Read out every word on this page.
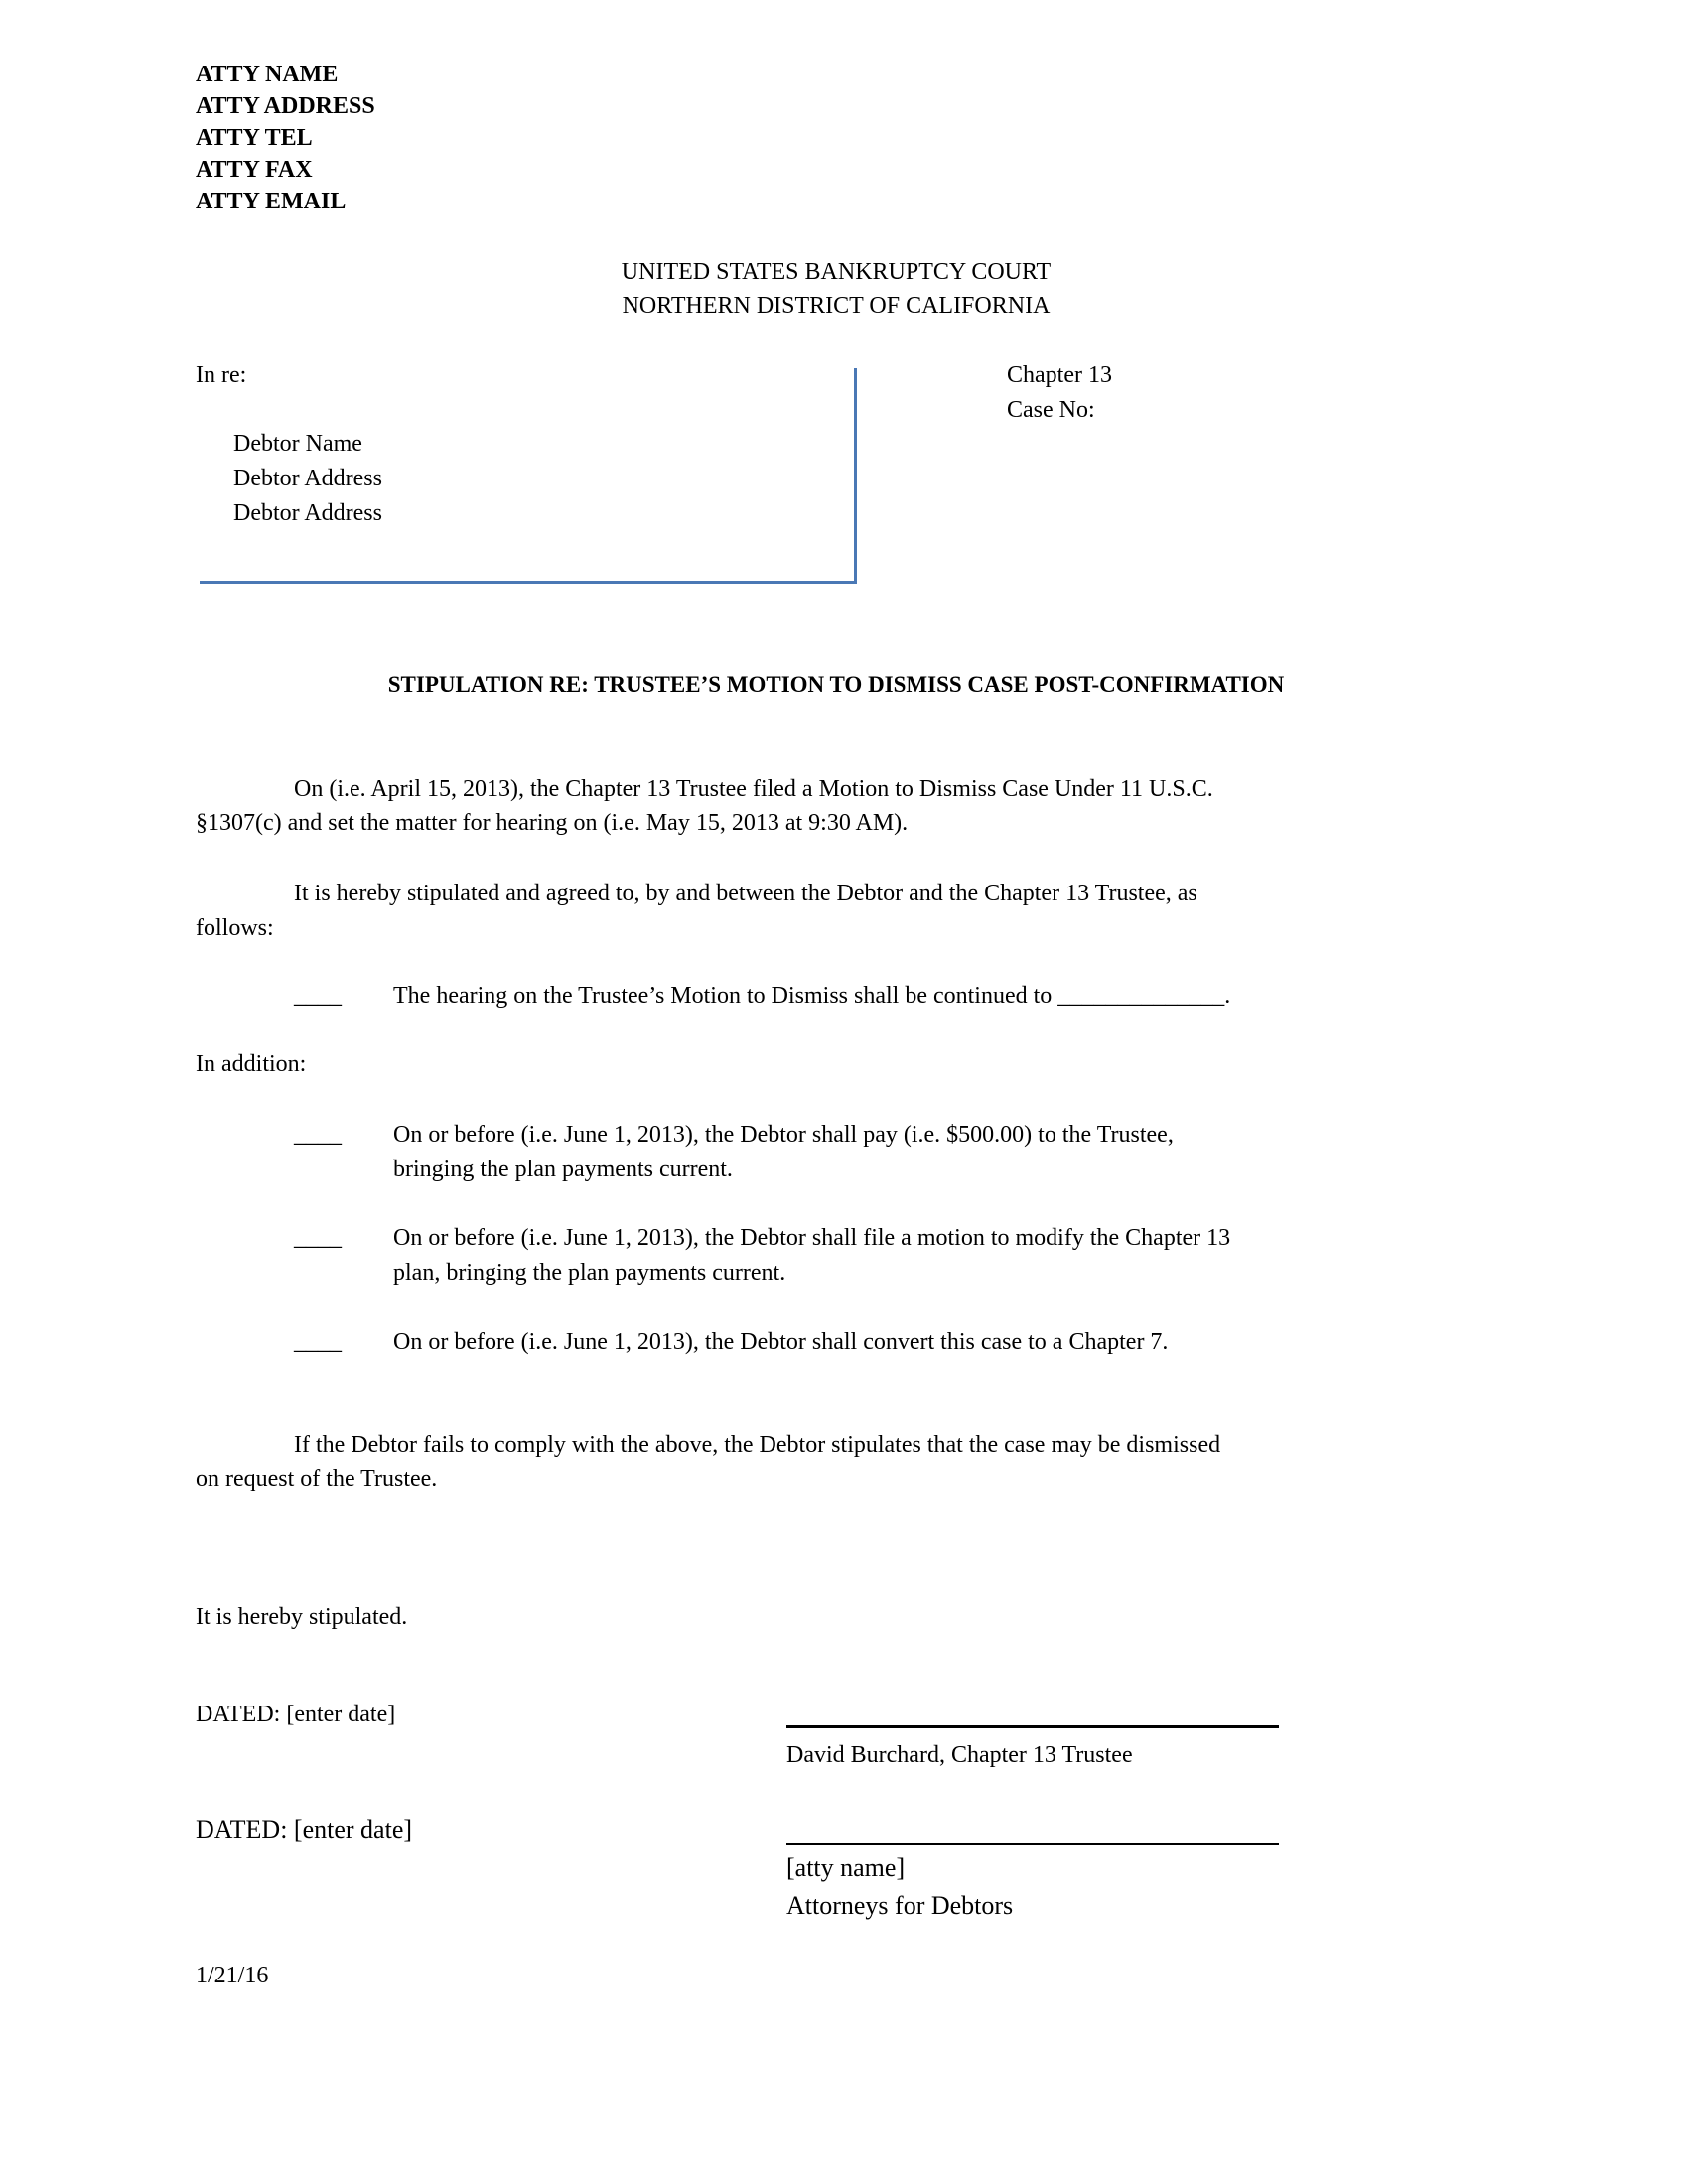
ATTY NAME
ATTY ADDRESS
ATTY TEL
ATTY FAX
ATTY EMAIL
UNITED STATES BANKRUPTCY COURT
NORTHERN DISTRICT OF CALIFORNIA
In re:
Debtor Name
Debtor Address
Debtor Address
Chapter 13
Case No:
STIPULATION RE: TRUSTEE’S MOTION TO DISMISS CASE POST-CONFIRMATION
On (i.e. April 15, 2013), the Chapter 13 Trustee filed a Motion to Dismiss Case Under 11 U.S.C.
§1307(c) and set the matter for hearing on (i.e. May 15, 2013 at 9:30 AM).
It is hereby stipulated and agreed to, by and between the Debtor and the Chapter 13 Trustee, as
follows:
____ The hearing on the Trustee’s Motion to Dismiss shall be continued to ______________.
In addition:
____ On or before (i.e. June 1, 2013), the Debtor shall pay (i.e. $500.00) to the Trustee,
bringing the plan payments current.
____ On or before (i.e. June 1, 2013), the Debtor shall file a motion to modify the Chapter 13
plan, bringing the plan payments current.
____ On or before (i.e. June 1, 2013), the Debtor shall convert this case to a Chapter 7.
If the Debtor fails to comply with the above, the Debtor stipulates that the case may be dismissed
on request of the Trustee.
It is hereby stipulated.
DATED: [enter date]
David Burchard, Chapter 13 Trustee
DATED: [enter date]
[atty name]
Attorneys for Debtors
1/21/16
